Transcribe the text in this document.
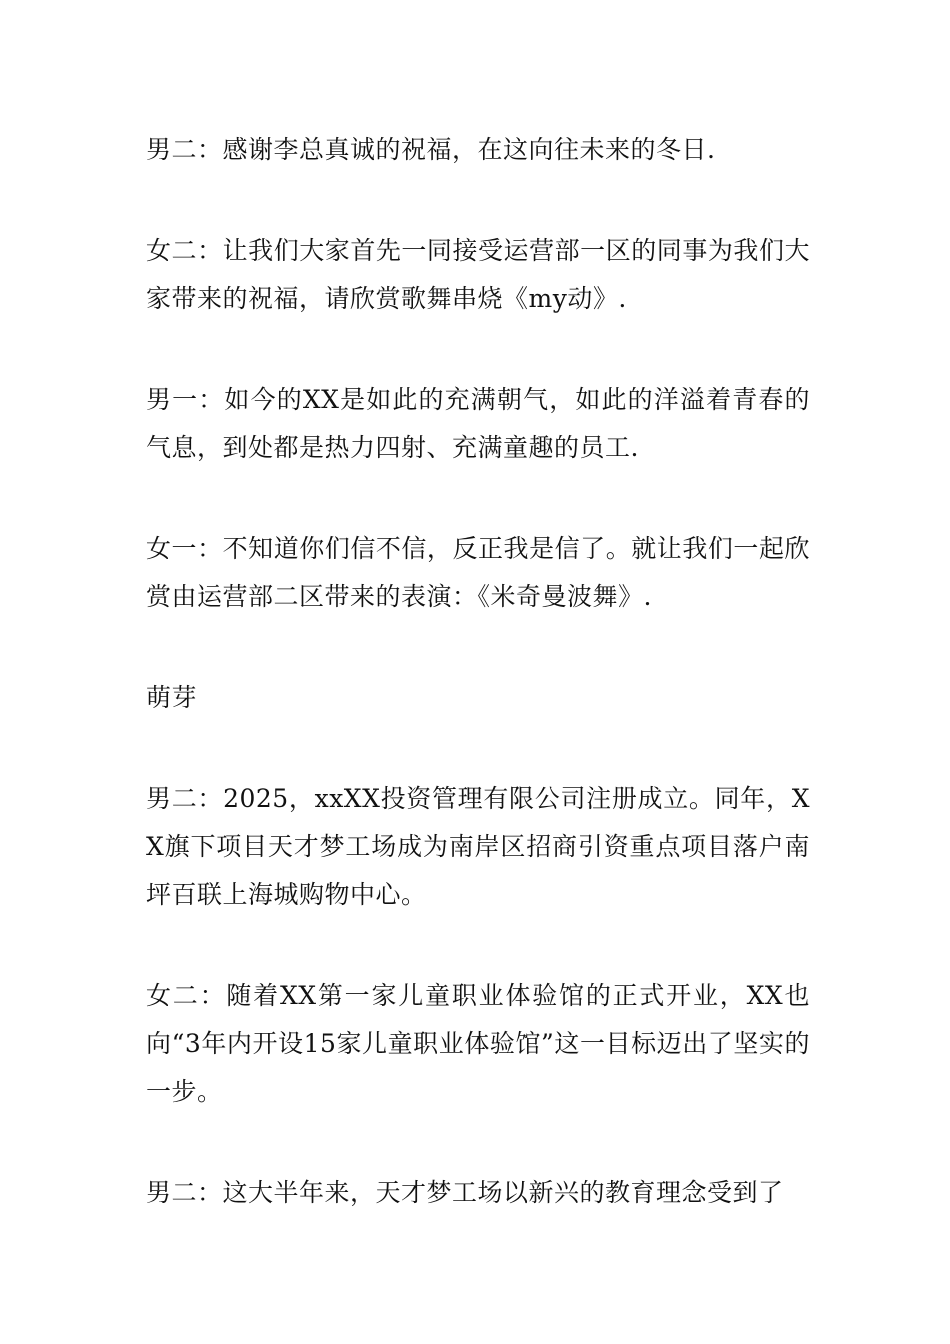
男二：感谢李总真诚的祝福，在这向往未来的冬日.

女二：让我们大家首先一同接受运营部一区的同事为我们大家带来的祝福，请欣赏歌舞串烧《my动》.

男一：如今的XX是如此的充满朝气，如此的洋溢着青春的气息，到处都是热力四射、充满童趣的员工.

女一：不知道你们信不信，反正我是信了。就让我们一起欣赏由运营部二区带来的表演：《米奇曼波舞》.

萌芽

男二：2025，xxXX投资管理有限公司注册成立。同年，XX旗下项目天才梦工场成为南岸区招商引资重点项目落户南坪百联上海城购物中心。

女二：随着XX第一家儿童职业体验馆的正式开业，XX也向“3年内开设15家儿童职业体验馆”这一目标迈出了坚实的一步。

男二：这大半年来，天才梦工场以新兴的教育理念受到了
